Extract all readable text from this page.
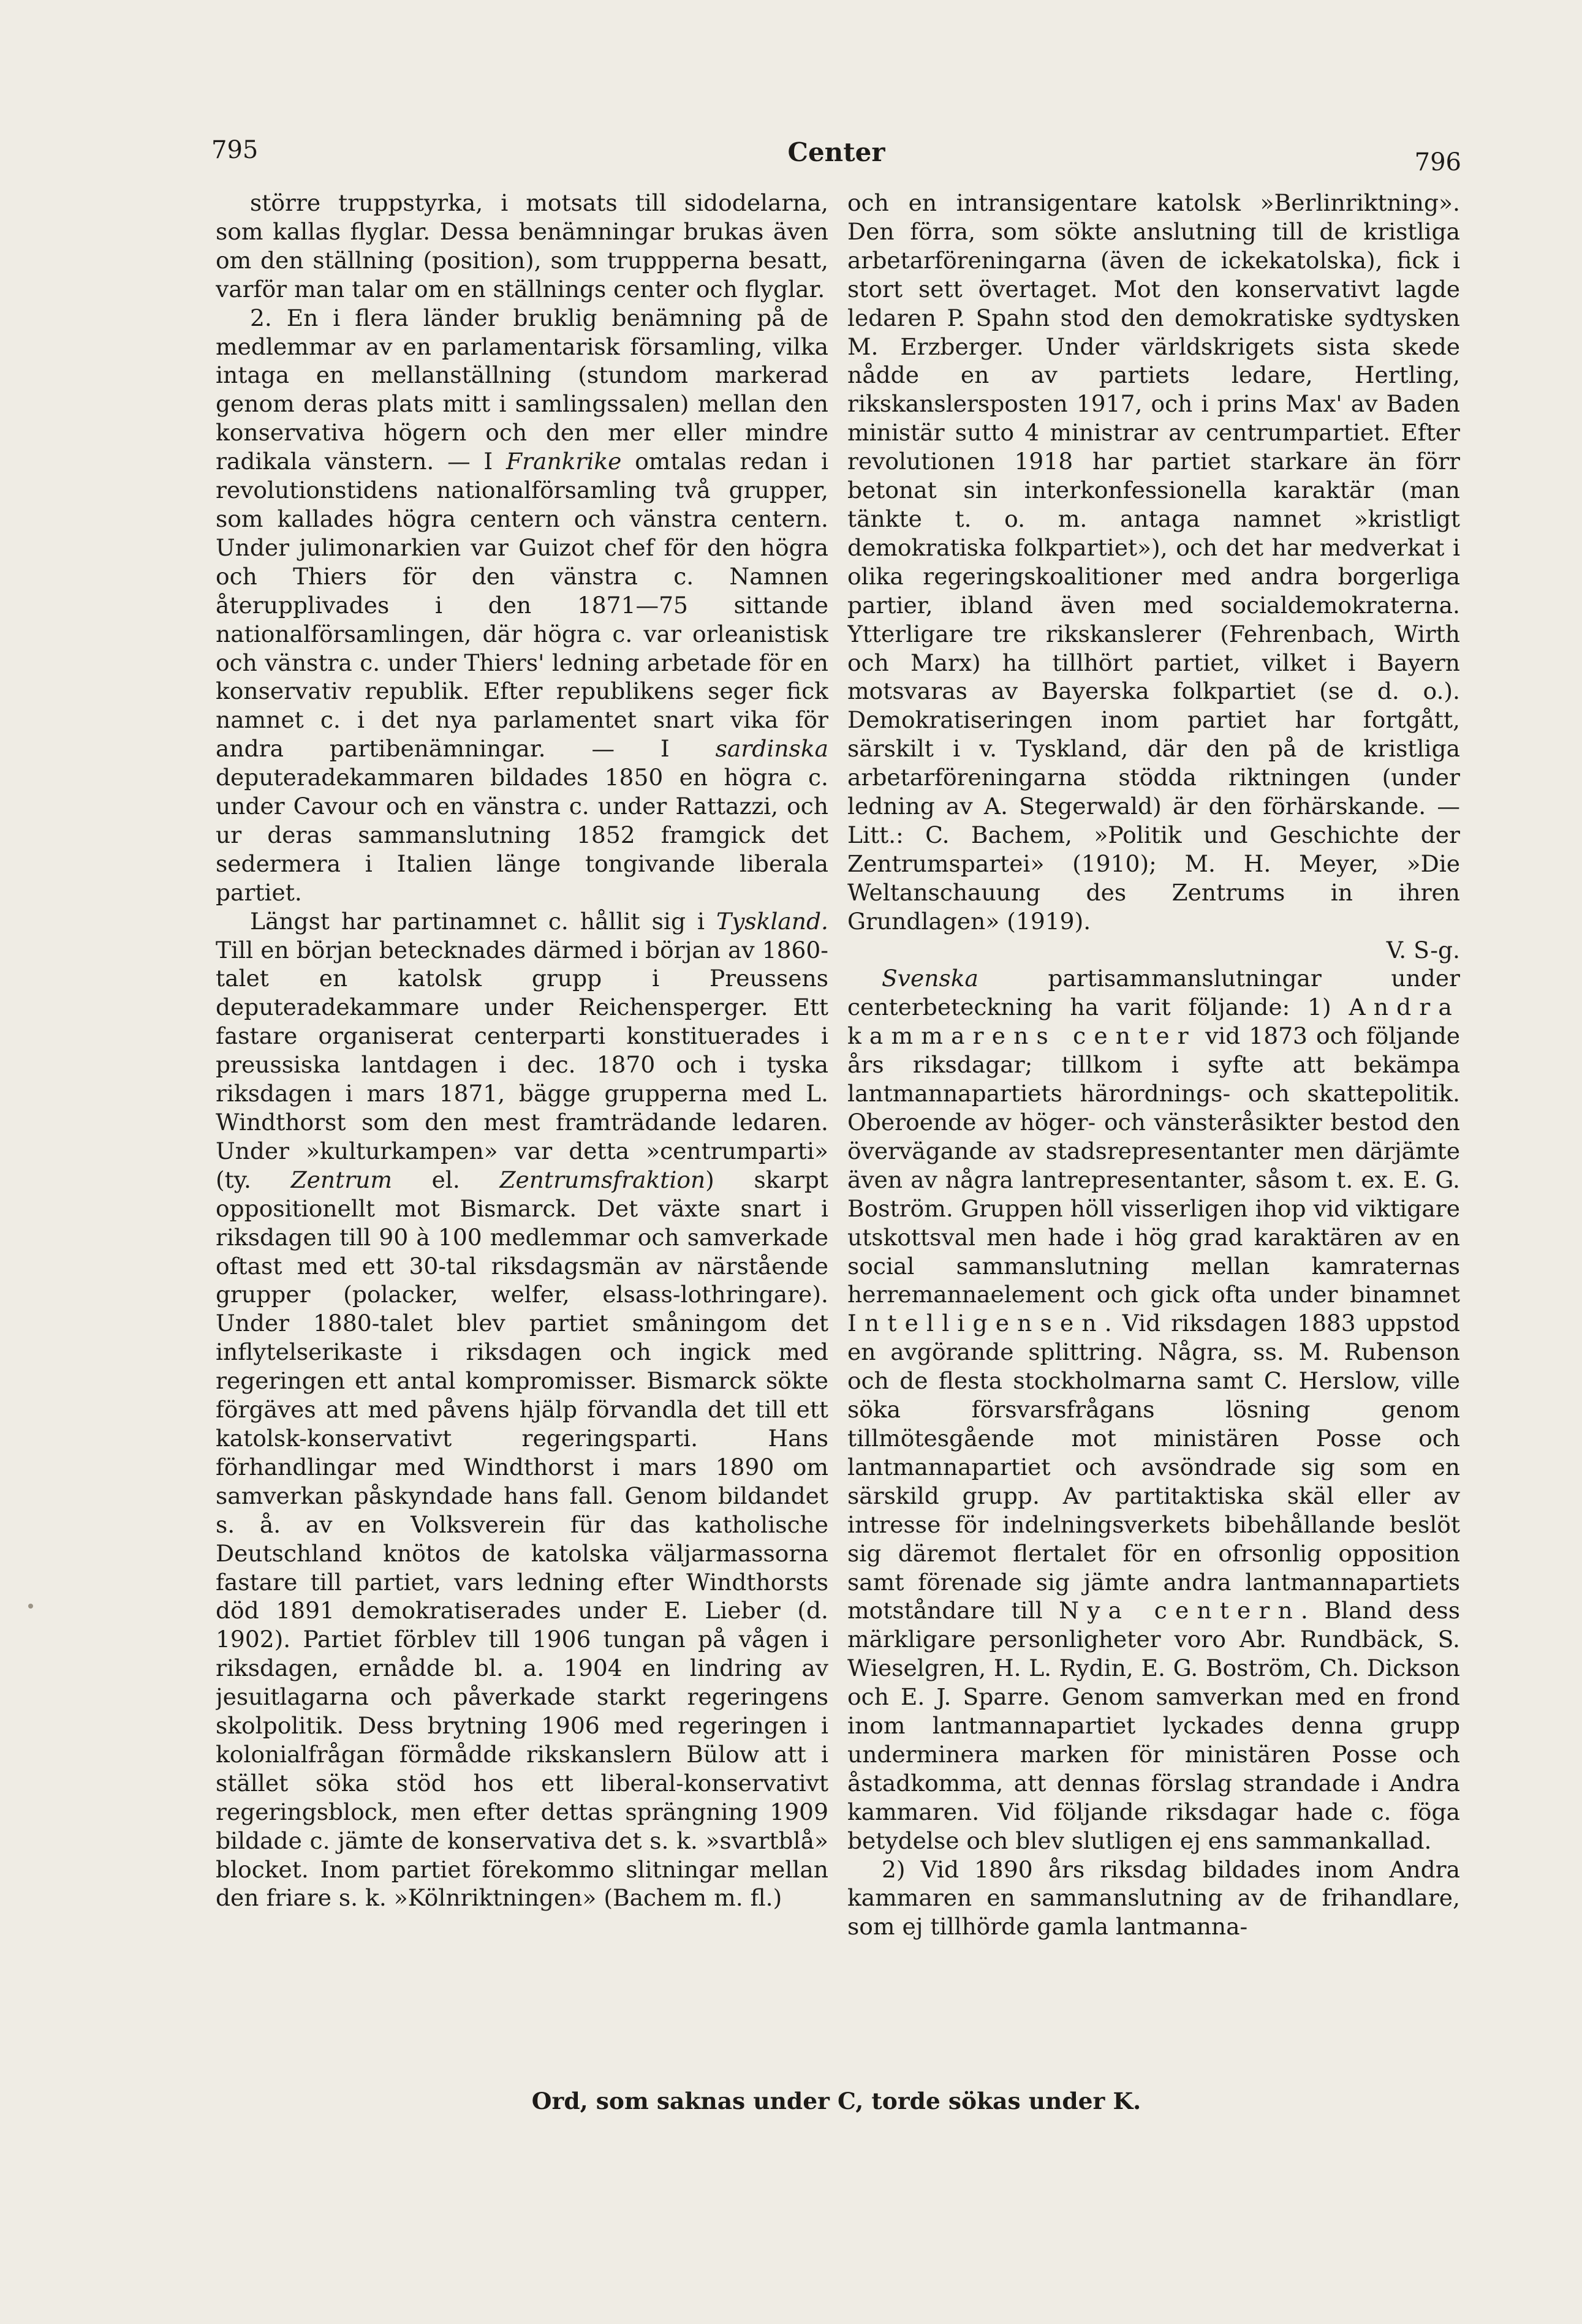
795	Center	796

större truppstyrka, i motsats till sidodelarna, som kallas flyglar. Dessa benämningar brukas även om den ställning (position), som truppperna besatt, varför man talar om en ställnings center och flyglar.

2. En i flera länder bruklig benämning på de medlemmar av en parlamentarisk församling, vilka intaga en mellanställning (stundom markerad genom deras plats mitt i samlingssalen) mellan den konservativa högern och den mer eller mindre radikala vänstern. — I Frankrike omtalas redan i revolutionstidens nationalförsamling två grupper, som kallades högra centern och vänstra centern. Under julimonarkien var Guizot chef för den högra och Thiers för den vänstra c. Namnen återupplivades i den 1871—75 sittande nationalförsamlingen, där högra c. var orleanistisk och vänstra c. under Thiers' ledning arbetade för en konservativ republik. Efter republikens seger fick namnet c. i det nya parlamentet snart vika för andra partibenämningar. — I sardinska deputeradekammaren bildades 1850 en högra c. under Cavour och en vänstra c. under Rattazzi, och ur deras sammanslutning 1852 framgick det sedermera i Italien länge tongivande liberala partiet.

Längst har partinamnet c. hållit sig i Tyskland. Till en början betecknades därmed i början av 1860-talet en katolsk grupp i Preussens deputeradekammare under Reichensperger. Ett fastare organiserat centerparti konstituerades i preussiska lantdagen i dec. 1870 och i tyska riksdagen i mars 1871, bägge grupperna med L. Windthorst som den mest framträdande ledaren. Under »kulturkampen» var detta »centrumparti» (ty. Zentrum el. Zentrumsfraktion) skarpt oppositionellt mot Bismarck. Det växte snart i riksdagen till 90 à 100 medlemmar och samverkade oftast med ett 30-tal riksdagsmän av närstående grupper (polacker, welfer, elsass-lothringare). Under 1880-talet blev partiet småningom det inflytelserikaste i riksdagen och ingick med regeringen ett antal kompromisser. Bismarck sökte förgäves att med påvens hjälp förvandla det till ett katolsk-konservativt regeringsparti. Hans förhandlingar med Windthorst i mars 1890 om samverkan påskyndade hans fall. Genom bildandet s. å. av en Volksverein für das katholische Deutschland knötos de katolska väljarmassorna fastare till partiet, vars ledning efter Windthorsts död 1891 demokratiserades under E. Lieber (d. 1902). Partiet förblev till 1906 tungan på vågen i riksdagen, ernådde bl. a. 1904 en lindring av jesuitlagarna och påverkade starkt regeringens skolpolitik. Dess brytning 1906 med regeringen i kolonialfrågan förmådde rikskanslern Bülow att i stället söka stöd hos ett liberal-konservativt regeringsblock, men efter dettas sprängning 1909 bildade c. jämte de konservativa det s. k. »svartblå» blocket. Inom partiet förekommo slitningar mellan den friare s. k. »Kölnriktningen» (Bachem m. fl.)

och en intransigentare katolsk »Berlinriktning». Den förra, som sökte anslutning till de kristliga arbetarföreningarna (även de ickekatolska), fick i stort sett övertaget. Mot den konservativt lagde ledaren P. Spahn stod den demokratiske sydtysken M. Erzberger. Under världskrigets sista skede nådde en av partiets ledare, Hertling, rikskanslersposten 1917, och i prins Max' av Baden ministär sutto 4 ministrar av centrumpartiet. Efter revolutionen 1918 har partiet starkare än förr betonat sin interkonfessionella karaktär (man tänkte t. o. m. antaga namnet »kristligt demokratiska folkpartiet»), och det har medverkat i olika regeringskoalitioner med andra borgerliga partier, ibland även med socialdemokraterna. Ytterligare tre rikskanslerer (Fehrenbach, Wirth och Marx) ha tillhört partiet, vilket i Bayern motsvaras av Bayerska folkpartiet (se d. o.). Demokratiseringen inom partiet har fortgått, särskilt i v. Tyskland, där den på de kristliga arbetarföreningarna stödda riktningen (under ledning av A. Stegerwald) är den förhärskande. — Litt.: C. Bachem, »Politik und Geschichte der Zentrumspartei» (1910); M. H. Meyer, »Die Weltanschauung des Zentrums in ihren Grundlagen» (1919).
V. S-g.

Svenska partisammanslutningar under centerbeteckning ha varit följande: 1) Andra kammarens center vid 1873 och följande års riksdagar; tillkom i syfte att bekämpa lantmannapartiets härordnings- och skattepolitik. Oberoende av höger- och vänsteråsikter bestod den övervägande av stadsrepresentanter men därjämte även av några lantrepresentanter, såsom t. ex. E. G. Boström. Gruppen höll visserligen ihop vid viktigare utskottsval men hade i hög grad karaktären av en social sammanslutning mellan kamraternas herremannaelement och gick ofta under binamnet Intelligensen. Vid riksdagen 1883 uppstod en avgörande splittring. Några, ss. M. Rubenson och de flesta stockholmarna samt C. Herslow, ville söka försvarsfrågans lösning genom tillmötesgående mot ministären Posse och lantmannapartiet och avsöndrade sig som en särskild grupp. Av partitaktiska skäl eller av intresse för indelningsverkets bibehållande beslöt sig däremot flertalet för en ofrsonlig opposition samt förenade sig jämte andra lantmannapartiets motståndare till Nya centern. Bland dess märkligare personligheter voro Abr. Rundbäck, S. Wieselgren, H. L. Rydin, E. G. Boström, Ch. Dickson och E. J. Sparre. Genom samverkan med en frond inom lantmannapartiet lyckades denna grupp underminera marken för ministären Posse och åstadkomma, att dennas förslag strandade i Andra kammaren. Vid följande riksdagar hade c. föga betydelse och blev slutligen ej ens sammankallad.

2) Vid 1890 års riksdag bildades inom Andra kammaren en sammanslutning av de frihandlare, som ej tillhörde gamla lantmanna-

Ord, som saknas under C, torde sökas under K.
